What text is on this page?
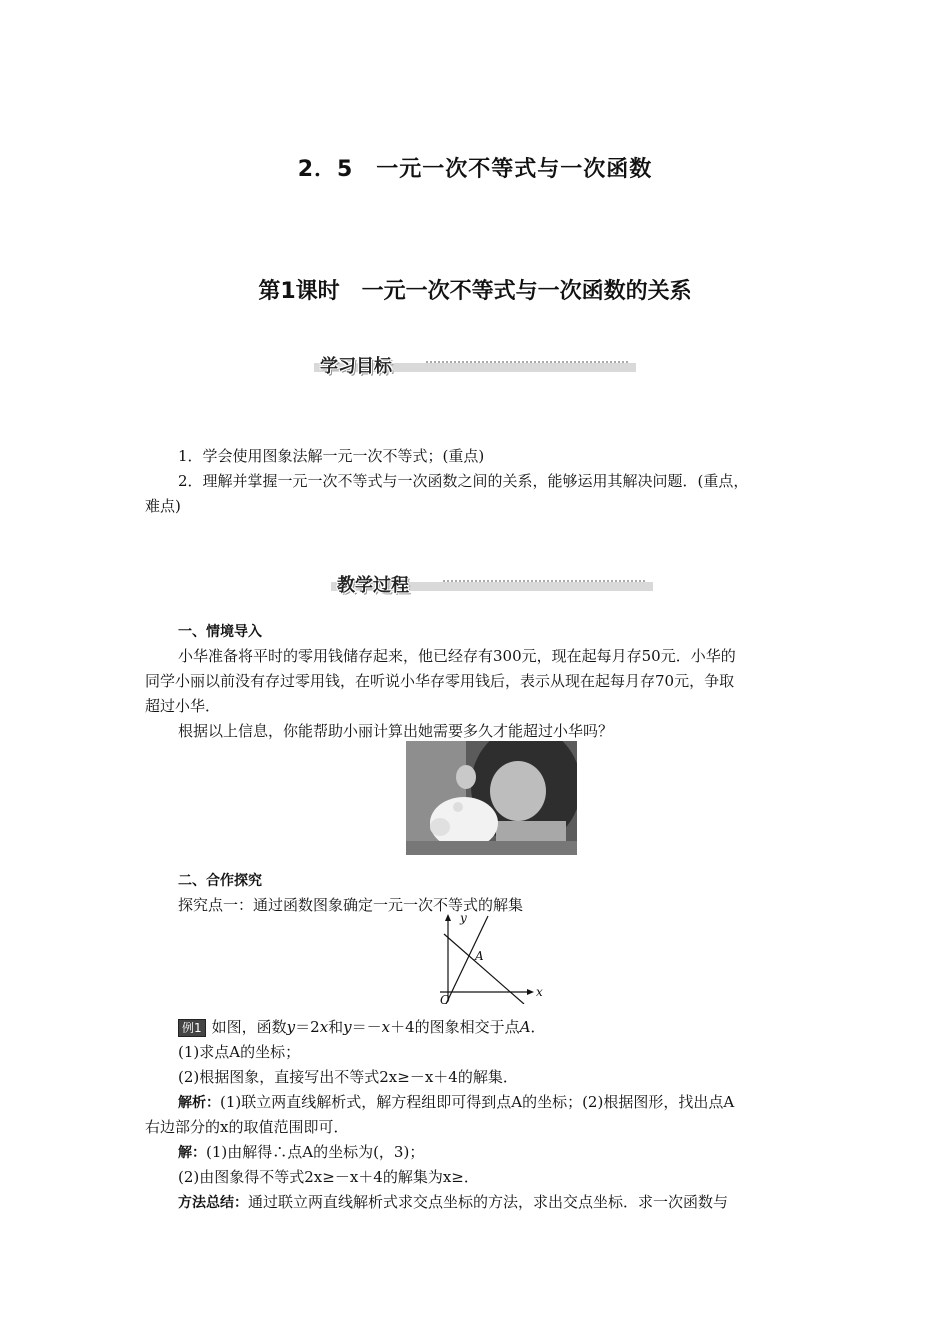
2．5　一元一次不等式与一次函数
第1课时　一元一次不等式与一次函数的关系
学习目标
1．学会使用图象法解一元一次不等式；(重点)
2．理解并掌握一元一次不等式与一次函数之间的关系，能够运用其解决问题．(重点，
难点)
教学过程
一、情境导入
小华准备将平时的零用钱储存起来，他已经存有300元，现在起每月存50元．小华的
同学小丽以前没有存过零用钱，在听说小华存零用钱后，表示从现在起每月存70元，争取
超过小华．
根据以上信息，你能帮助小丽计算出她需要多久才能超过小华吗？
二、合作探究
探究点一：通过函数图象确定一元一次不等式的解集
y
x
O
A
例1 如图，函数y＝2x和y＝－x＋4的图象相交于点A．
(1)求点A的坐标；
(2)根据图象，直接写出不等式2x≥－x＋4的解集．
解析：(1)联立两直线解析式，解方程组即可得到点A的坐标；(2)根据图形，找出点A
右边部分的x的取值范围即可．
解：(1)由解得∴点A的坐标为(，3)；
(2)由图象得不等式2x≥－x＋4的解集为x≥．
方法总结：通过联立两直线解析式求交点坐标的方法，求出交点坐标．求一次函数与
